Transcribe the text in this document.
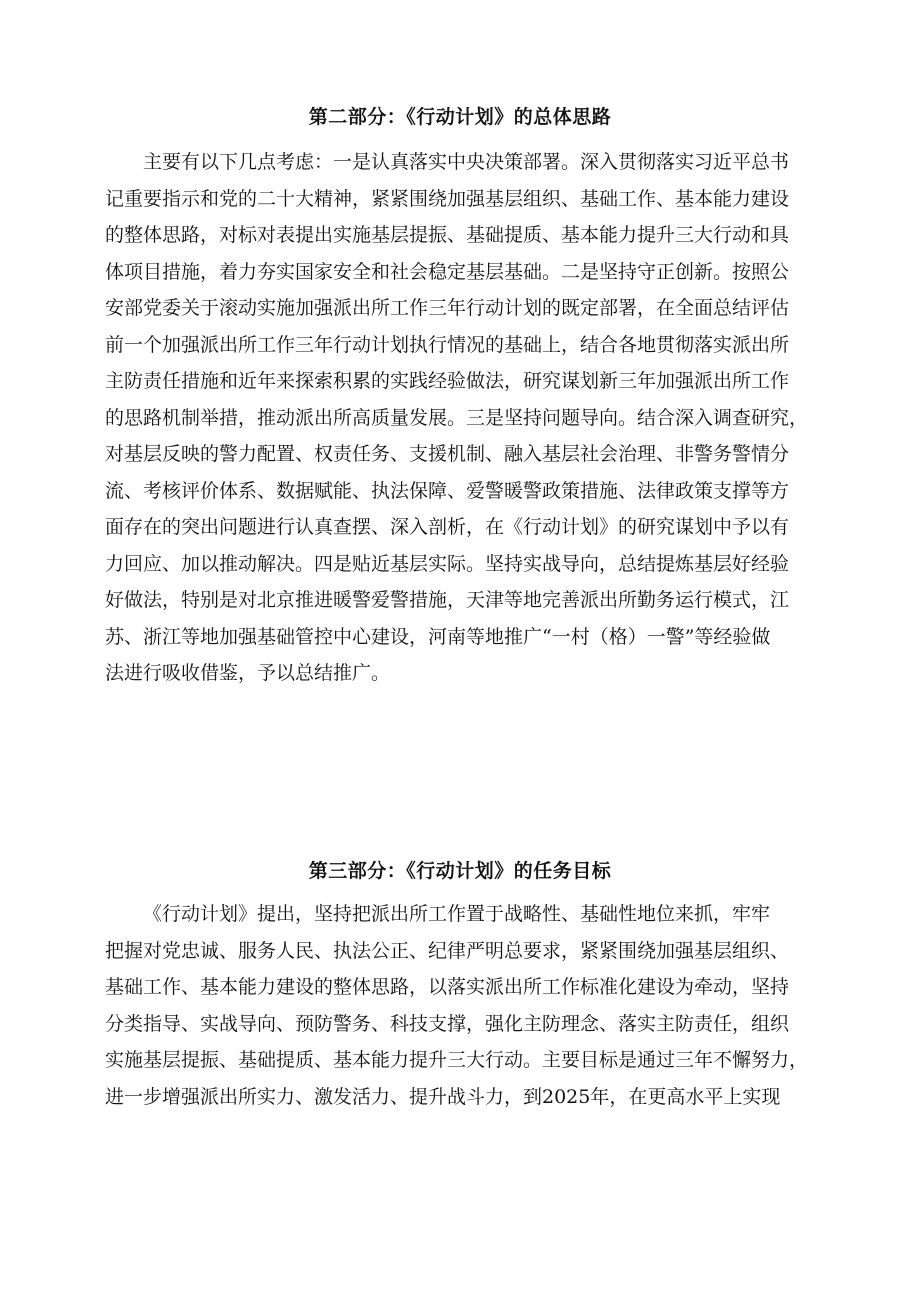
第二部分：《行动计划》的总体思路
主要有以下几点考虑：一是认真落实中央决策部署。深入贯彻落实习近平总书
记重要指示和党的二十大精神，紧紧围绕加强基层组织、基础工作、基本能力建设
的整体思路，对标对表提出实施基层提振、基础提质、基本能力提升三大行动和具
体项目措施，着力夯实国家安全和社会稳定基层基础。二是坚持守正创新。按照公
安部党委关于滚动实施加强派出所工作三年行动计划的既定部署，在全面总结评估
前一个加强派出所工作三年行动计划执行情况的基础上，结合各地贯彻落实派出所
主防责任措施和近年来探索积累的实践经验做法，研究谋划新三年加强派出所工作
的思路机制举措，推动派出所高质量发展。三是坚持问题导向。结合深入调查研究，
对基层反映的警力配置、权责任务、支援机制、融入基层社会治理、非警务警情分
流、考核评价体系、数据赋能、执法保障、爱警暖警政策措施、法律政策支撑等方
面存在的突出问题进行认真查摆、深入剖析，在《行动计划》的研究谋划中予以有
力回应、加以推动解决。四是贴近基层实际。坚持实战导向，总结提炼基层好经验
好做法，特别是对北京推进暖警爱警措施，天津等地完善派出所勤务运行模式，江
苏、浙江等地加强基础管控中心建设，河南等地推广“一村（格）一警”等经验做
法进行吸收借鉴，予以总结推广。
第三部分：《行动计划》的任务目标
《行动计划》提出，坚持把派出所工作置于战略性、基础性地位来抓，牢牢
把握对党忠诚、服务人民、执法公正、纪律严明总要求，紧紧围绕加强基层组织、
基础工作、基本能力建设的整体思路，以落实派出所工作标准化建设为牵动，坚持
分类指导、实战导向、预防警务、科技支撑，强化主防理念、落实主防责任，组织
实施基层提振、基础提质、基本能力提升三大行动。主要目标是通过三年不懈努力，
进一步增强派出所实力、激发活力、提升战斗力，到2025年，在更高水平上实现
